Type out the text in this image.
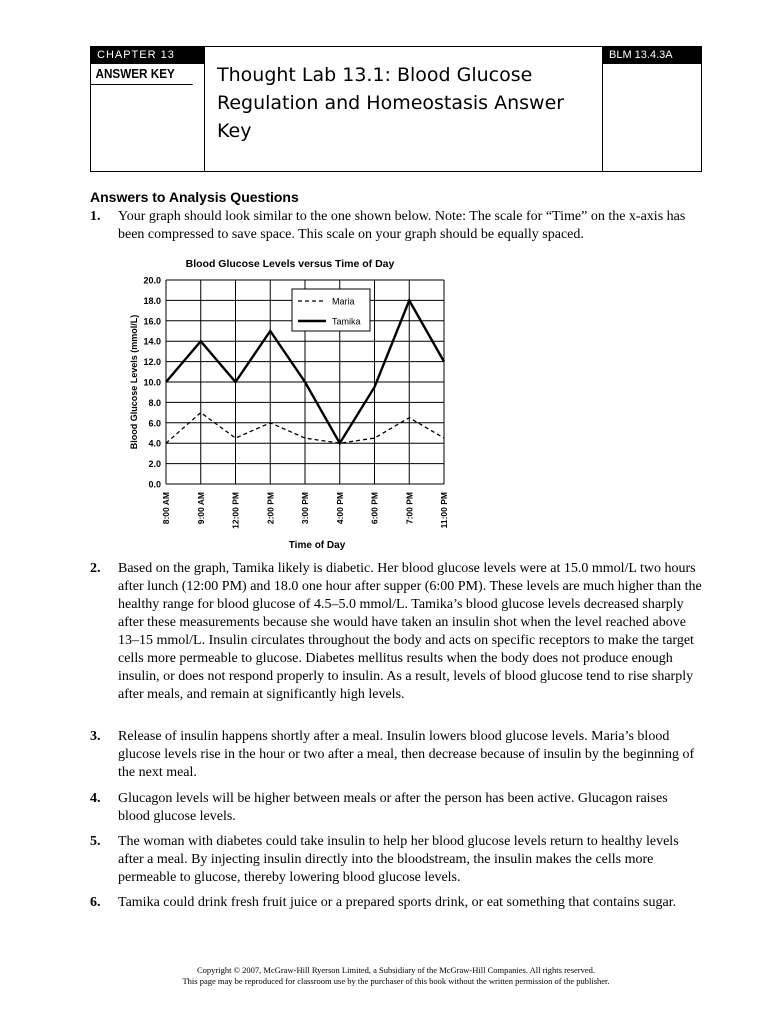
CHAPTER 13
ANSWER KEY	Thought Lab 13.1: Blood Glucose Regulation and Homeostasis Answer Key
BLM 13.4.3A
Answers to Analysis Questions
1. Your graph should look similar to the one shown below. Note: The scale for “Time” on the x-axis has been compressed to save space. This scale on your graph should be equally spaced.
Blood Glucose Levels versus Time of Day
0.0
2.0
4.0
6.0
8.0
10.0
12.0
14.0
16.0
18.0
20.0
8:00 AM	9:00 AM	12:00 PM	2:00 PM	3:00 PM	4:00 PM	6:00 PM	7:00 PM	11:00 PM
Time of Day
Blood Glucose Levels (mmol/L)
Maria
Tamika
2. Based on the graph, Tamika likely is diabetic. Her blood glucose levels were at 15.0 mmol/L two hours after lunch (12:00 PM) and 18.0 one hour after supper (6:00 PM). These levels are much higher than the healthy range for blood glucose of 4.5–5.0 mmol/L. Tamika’s blood glucose levels decreased sharply after these measurements because she would have taken an insulin shot when the level reached above 13–15 mmol/L. Insulin circulates throughout the body and acts on specific receptors to make the target cells more permeable to glucose. Diabetes mellitus results when the body does not produce enough insulin, or does not respond properly to insulin. As a result, levels of blood glucose tend to rise sharply after meals, and remain at significantly high levels.
3. Release of insulin happens shortly after a meal. Insulin lowers blood glucose levels. Maria’s blood glucose levels rise in the hour or two after a meal, then decrease because of insulin by the beginning of the next meal.
4. Glucagon levels will be higher between meals or after the person has been active. Glucagon raises blood glucose levels.
5. The woman with diabetes could take insulin to help her blood glucose levels return to healthy levels after a meal. By injecting insulin directly into the bloodstream, the insulin makes the cells more permeable to glucose, thereby lowering blood glucose levels.
6. Tamika could drink fresh fruit juice or a prepared sports drink, or eat something that contains sugar.
Copyright © 2007, McGraw-Hill Ryerson Limited, a Subsidiary of the McGraw-Hill Companies. All rights reserved.
This page may be reproduced for classroom use by the purchaser of this book without the written permission of the publisher.
